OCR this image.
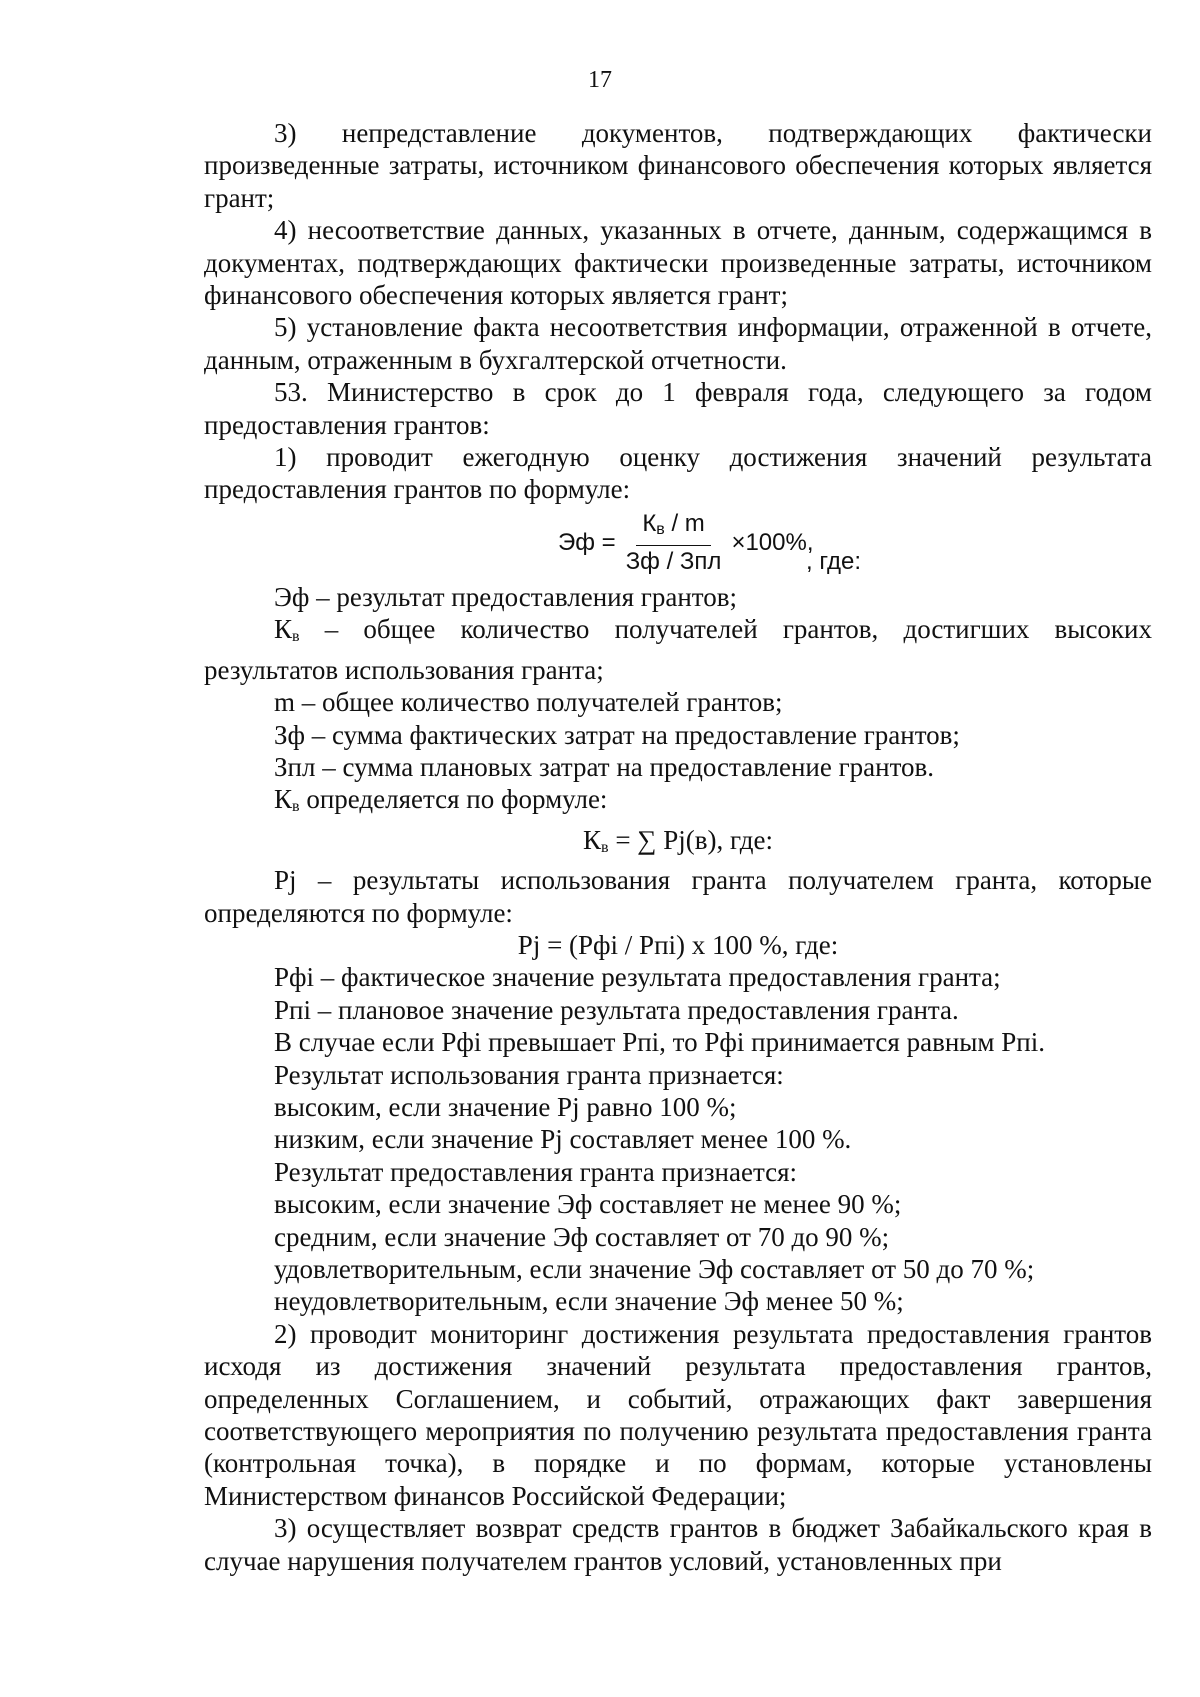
17

3) непредставление документов, подтверждающих фактически произведенные затраты, источником финансового обеспечения которых является грант;

4) несоответствие данных, указанных в отчете, данным, содержащимся в документах, подтверждающих фактически произведенные затраты, источником финансового обеспечения которых является грант;

5) установление факта несоответствия информации, отраженной в отчете, данным, отраженным в бухгалтерской отчетности.

53. Министерство в срок до 1 февраля года, следующего за годом предоставления грантов:

1) проводит ежегодную оценку достижения значений результата предоставления грантов по формуле:

Эф = $\frac{Кв / m}{\text{Зф / Зпл}} \times 100\%$,
, где:

Эф – результат предоставления грантов;

Кв – общее количество получателей грантов, достигших высоких результатов использования гранта;

m – общее количество получателей грантов;

Зф – сумма фактических затрат на предоставление грантов;

Зпл – сумма плановых затрат на предоставление грантов.

Кв определяется по формуле:

Кв = ∑ Pj(в), где:

Pj – результаты использования гранта получателем гранта, которые определяются по формуле:

Pj = (Pфi / Pпi) x 100 %, где:

Pфi – фактическое значение результата предоставления гранта;

Pпi – плановое значение результата предоставления гранта.

В случае если Pфi превышает Pпi, то Pфi принимается равным Pпi.

Результат использования гранта признается:

высоким, если значение Pj равно 100 %;

низким, если значение Pj составляет менее 100 %.

Результат предоставления гранта признается:

высоким, если значение Эф составляет не менее 90 %;

средним, если значение Эф составляет от 70 до 90 %;

удовлетворительным, если значение Эф составляет от 50 до 70 %;

неудовлетворительным, если значение Эф менее 50 %;

2) проводит мониторинг достижения результата предоставления грантов исходя из достижения значений результата предоставления грантов, определенных Соглашением, и событий, отражающих факт завершения соответствующего мероприятия по получению результата предоставления гранта (контрольная точка), в порядке и по формам, которые установлены Министерством финансов Российской Федерации;

3) осуществляет возврат средств грантов в бюджет Забайкальского края в случае нарушения получателем грантов условий, установленных при
